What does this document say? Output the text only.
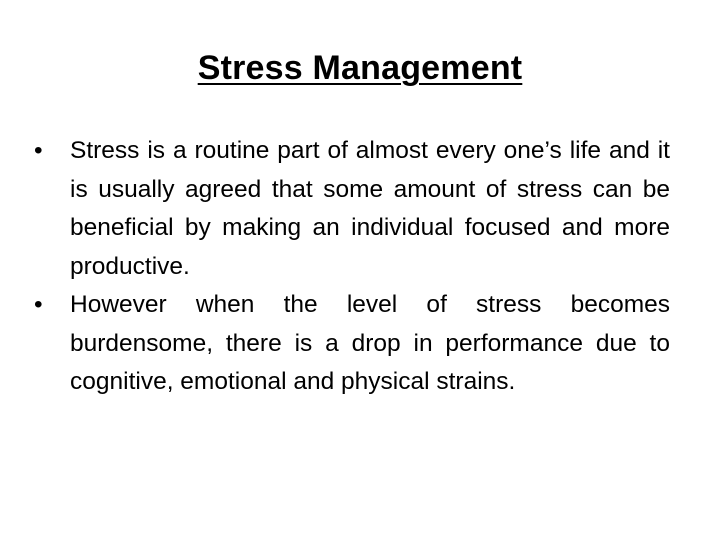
Stress Management
•	Stress is a routine part of almost every one’s life and it is usually agreed that some amount of stress can be beneficial by making an individual focused and more productive.
•	However when the level of stress becomes burdensome, there is a drop in performance due to cognitive, emotional and physical strains.
